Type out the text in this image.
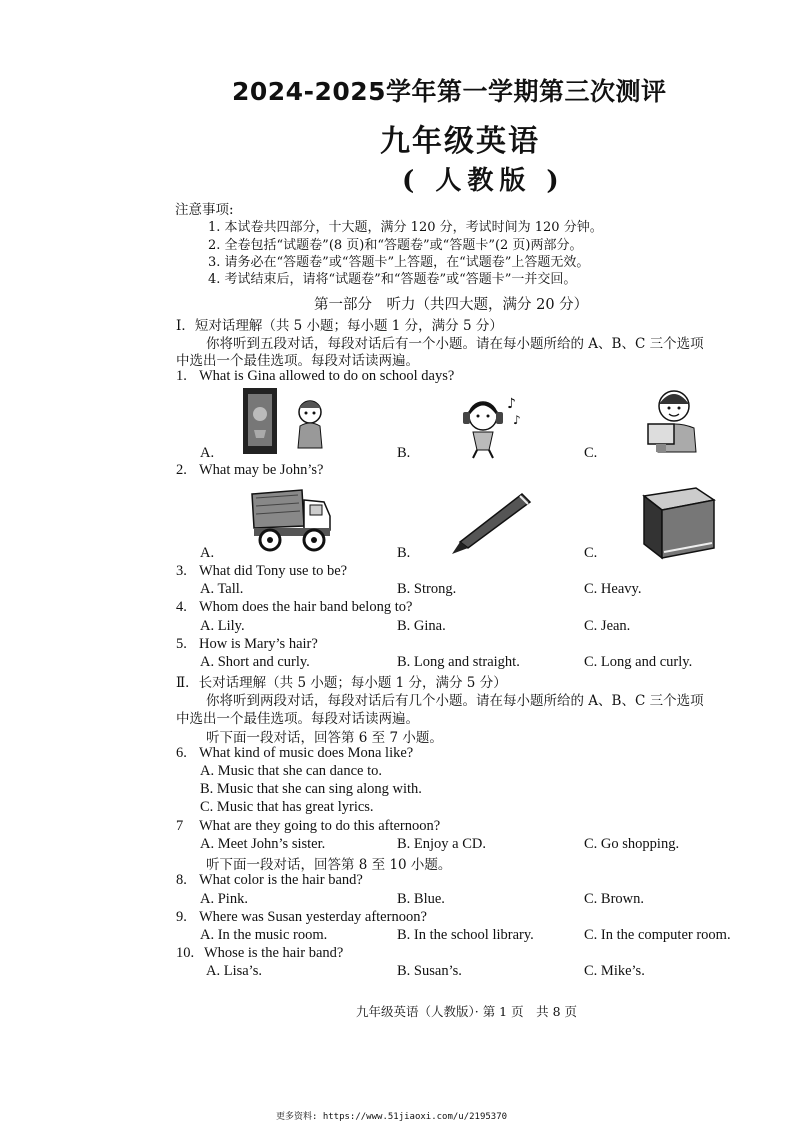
2024-2025学年第一学期第三次测评
九年级英语
( 人教版 )
注意事项:
1. 本试卷共四部分，十大题，满分 120 分，考试时间为 120 分钟。
2. 全卷包括“试题卷”(8 页)和“答题卷”或“答题卡”(2 页)两部分。
3. 请务必在“答题卷”或“答题卡”上答题，在“试题卷”上答题无效。
4. 考试结束后，请将“试题卷”和“答题卷”或“答题卡”一并交回。
第一部分　听力（共四大题，满分 20 分）
Ⅰ．短对话理解（共 5 小题；每小题 1 分，满分 5 分）
你将听到五段对话，每段对话后有一个小题。请在每小题所给的 A、B、C 三个选项
中选出一个最佳选项。每段对话读两遍。
1. What is Gina allowed to do on school days?
♪
♪
A.	B.	C.
2. What may be John’s?
A.	B.	C.
3. What did Tony use to be?
A. Tall.	B. Strong.	C. Heavy.
4. Whom does the hair band belong to?
A. Lily.	B. Gina.	C. Jean.
5. How is Mary’s hair?
A. Short and curly.	B. Long and straight.	C. Long and curly.
Ⅱ．长对话理解（共 5 小题；每小题 1 分，满分 5 分）
你将听到两段对话，每段对话后有几个小题。请在每小题所给的 A、B、C 三个选项
中选出一个最佳选项。每段对话读两遍。
听下面一段对话，回答第 6 至 7 小题。
6. What kind of music does Mona like?
A. Music that she can dance to.
B. Music that she can sing along with.
C. Music that has great lyrics.
7 What are they going to do this afternoon?
A. Meet John’s sister.	B. Enjoy a CD.	C. Go shopping.
听下面一段对话，回答第 8 至 10 小题。
8. What color is the hair band?
A. Pink.	B. Blue.	C. Brown.
9. Where was Susan yesterday afternoon?
A. In the music room.	B. In the school library.	C. In the computer room.
10. Whose is the hair band?
A. Lisa’s.	B. Susan’s.	C. Mike’s.
九年级英语（人教版）· 第 1 页　共 8 页
更多资料: https://www.51jiaoxi.com/u/2195370
